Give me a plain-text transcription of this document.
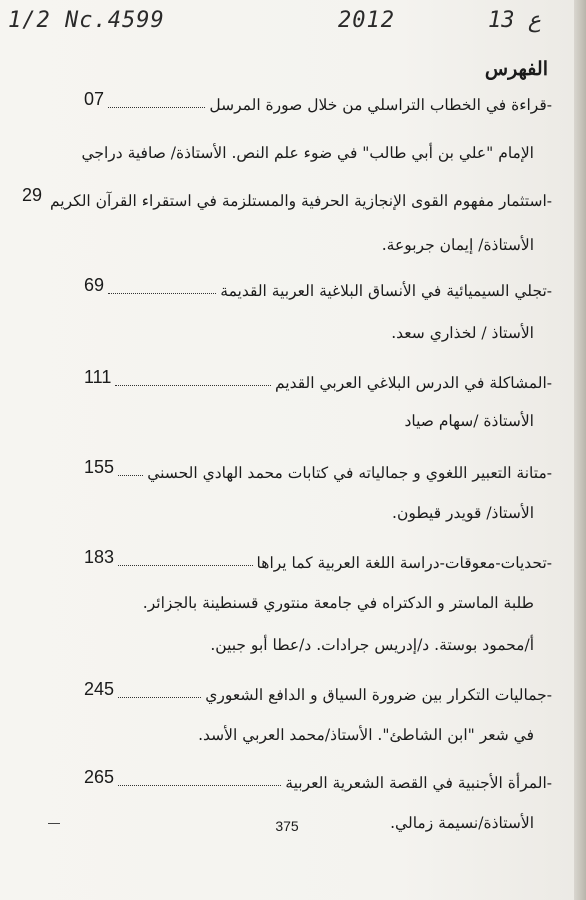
1/2 Nc.4599	2012	13 ع
الفهرس
-قراءة في الخطاب التراسلي من خلال صورة المرسل
07
الإمام "علي بن أبي طالب" في ضوء علم النص. الأستاذة/ صافية دراجي
-استثمار مفهوم القوى الإنجازية الحرفية والمستلزمة في استقراء القرآن الكريم
29
الأستاذة/ إيمان جربوعة.
-تجلي السيميائية في الأنساق البلاغية العربية القديمة
69
الأستاذ / لخذاري سعد.
-المشاكلة في الدرس البلاغي العربي القديم
111
الأستاذة /سهام صياد
-متانة التعبير اللغوي و جمالياته في كتابات محمد الهادي الحسني
155
الأستاذ/ قويدر قيطون.
-تحديات-معوقات-دراسة اللغة العربية كما يراها
183
طلبة الماستر و الدكتراه في جامعة منتوري قسنطينة بالجزائر.
أ/محمود بوستة. د/إدريس جرادات. د/عطا أبو جبين.
-جماليات التكرار بين ضرورة السياق و الدافع الشعوري
245
في شعر "ابن الشاطئ". الأستاذ/محمد العربي الأسد.
-المرأة الأجنبية في القصة الشعرية العربية
265
الأستاذة/نسيمة زمالي.
375
